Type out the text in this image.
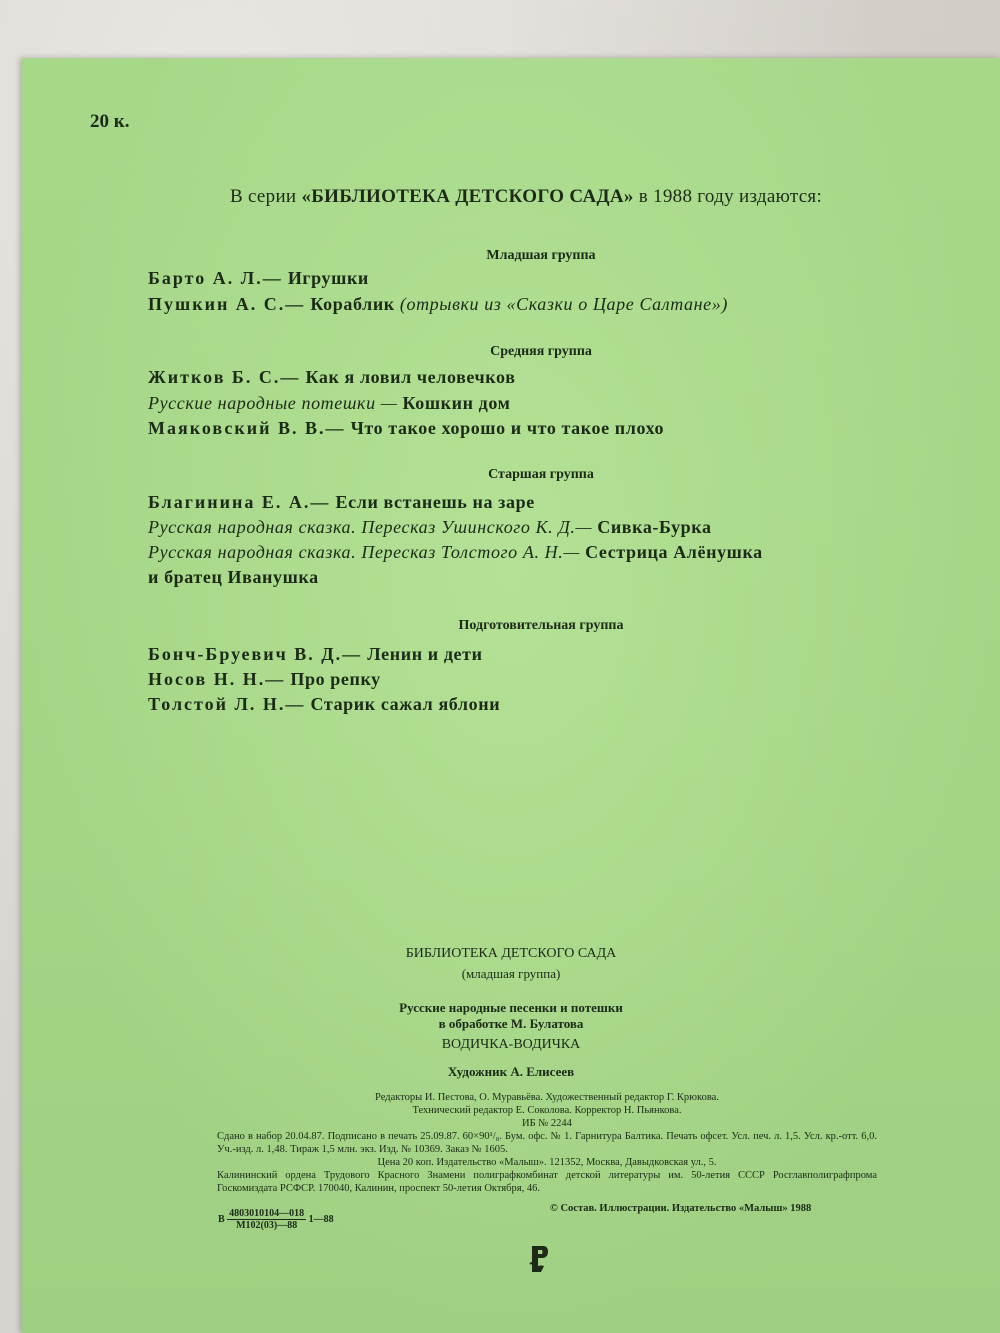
20 к.
В серии «БИБЛИОТЕКА ДЕТСКОГО САДА» в 1988 году издаются:
Младшая группа
Барто А. Л.— Игрушки
Пушкин А. С.— Кораблик (отрывки из «Сказки о Царе Салтане»)
Средняя группа
Житков Б. С.— Как я ловил человечков
Русские народные потешки — Кошкин дом
Маяковский В. В.— Что такое хорошо и что такое плохо
Старшая группа
Благинина Е. А.— Если встанешь на заре
Русская народная сказка. Пересказ Ушинского К. Д.— Сивка-Бурка
Русская народная сказка. Пересказ Толстого А. Н.— Сестрица Алёнушка
и братец Иванушка
Подготовительная группа
Бонч-Бруевич В. Д.— Ленин и дети
Носов Н. Н.— Про репку
Толстой Л. Н.— Старик сажал яблони
БИБЛИОТЕКА ДЕТСКОГО САДА
(младшая группа)
Русские народные песенки и потешки
в обработке М. Булатова
ВОДИЧКА-ВОДИЧКА
Художник А. Елисеев
Редакторы И. Пестова, О. Муравьёва. Художественный редактор Г. Крюкова.
Технический редактор Е. Соколова. Корректор Н. Пьянкова.
ИБ № 2244
Сдано в набор 20.04.87. Подписано в печать 25.09.87. 60×90¹/₈. Бум. офс. № 1. Гарнитура Балтика. Печать офсет. Усл. печ. л. 1,5. Усл. кр.-отт. 6,0. Уч.-изд. л. 1,48. Тираж 1,5 млн. экз. Изд. № 10369. Заказ № 1605.
Цена 20 коп. Издательство «Малыш». 121352, Москва, Давыдковская ул., 5.
Калининский ордена Трудового Красного Знамени полиграфкомбинат детской литературы им. 50-летия СССР Росглавполиграфпрома Госкомиздата РСФСР. 170040, Калинин, проспект 50-летия Октября, 46.
В $\frac{4803010104—018}{М102(03)—88}$ 1—88
© Состав. Иллюстрации. Издательство «Малыш» 1988
